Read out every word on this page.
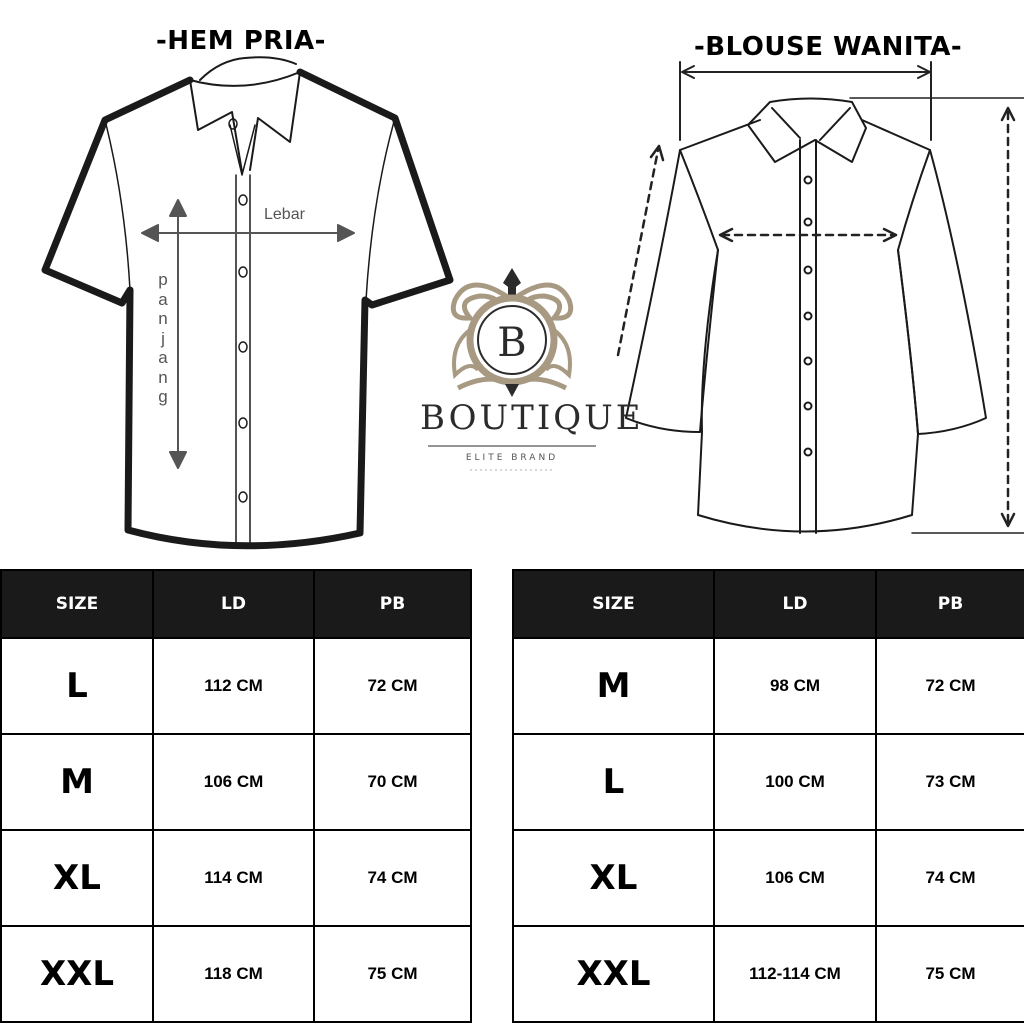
-HEM PRIA-	-BLOUSE WANITA-
B
Lebar
p
a
n
j
a
n
g
BOUTIQUE
ELITE BRAND
SIZE	LD	PB
L	112 CM	72 CM
M	106 CM	70 CM
XL	114 CM	74 CM
XXL	118 CM	75 CM
SIZE	LD	PB
M	98 CM	72 CM
L	100 CM	73 CM
XL	106 CM	74 CM
XXL	112-114 CM	75 CM
